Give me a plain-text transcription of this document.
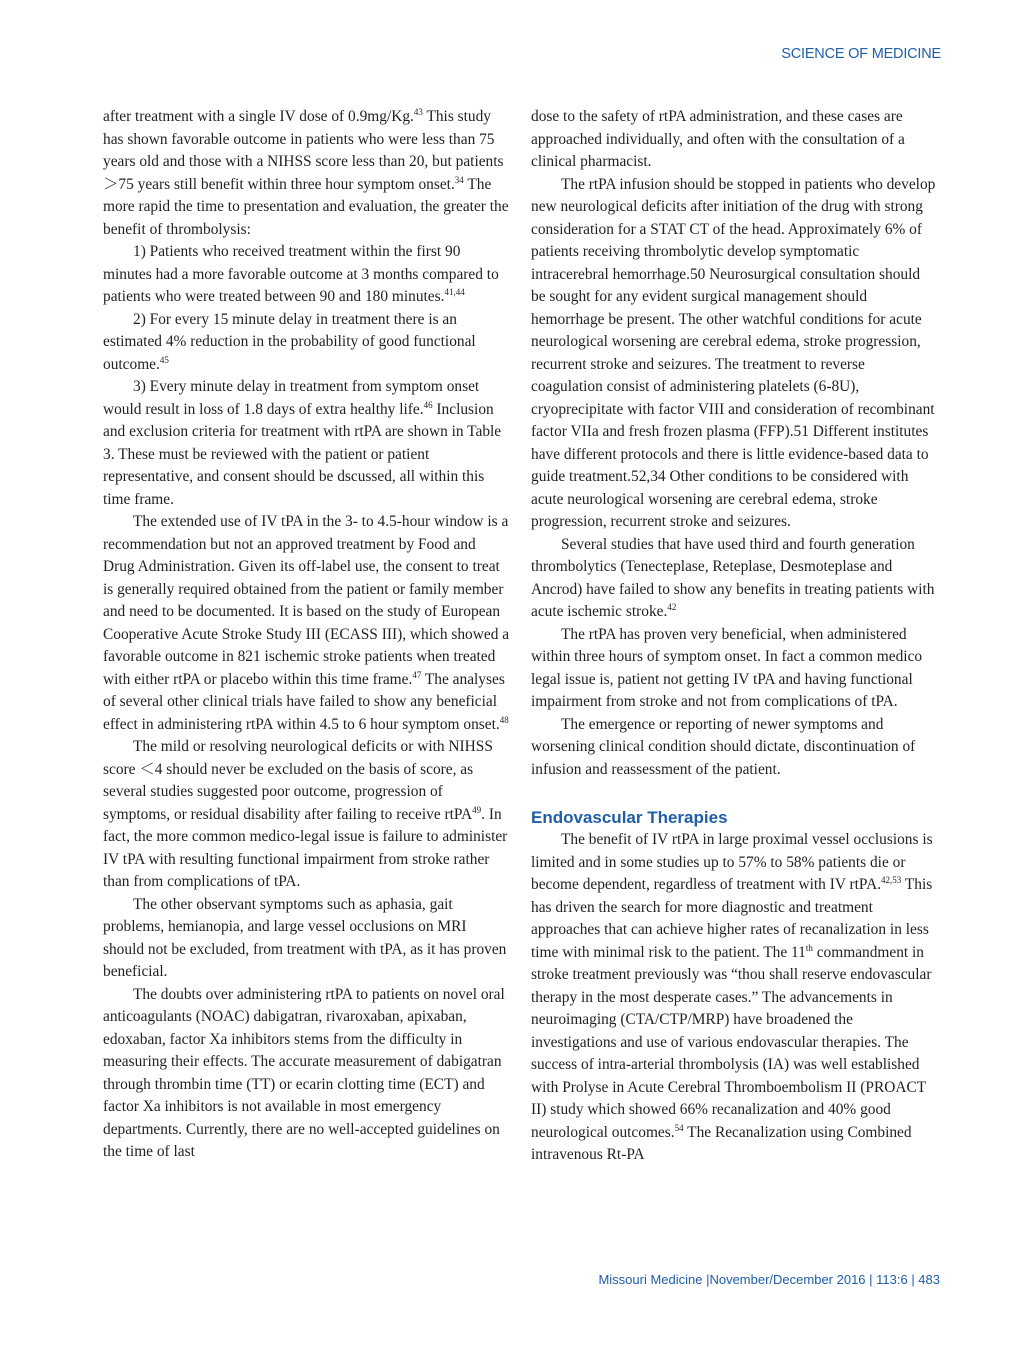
SCIENCE OF MEDICINE

after treatment with a single IV dose of 0.9mg/Kg.$^{43}$ This study has shown favorable outcome in patients who were less than 75 years old and those with a NIHSS score less than 20, but patients ＞75 years still benefit within three hour symptom onset.$^{34}$ The more rapid the time to presentation and evaluation, the greater the benefit of thrombolysis:

1) Patients who received treatment within the first 90 minutes had a more favorable outcome at 3 months compared to patients who were treated between 90 and 180 minutes.$^{41,44}$

2) For every 15 minute delay in treatment there is an estimated 4% reduction in the probability of good functional outcome.$^{45}$

3) Every minute delay in treatment from symptom onset would result in loss of 1.8 days of extra healthy life.$^{46}$ Inclusion and exclusion criteria for treatment with rtPA are shown in Table 3. These must be reviewed with the patient or patient representative, and consent should be dscussed, all within this time frame.

The extended use of IV tPA in the 3- to 4.5-hour window is a recommendation but not an approved treatment by Food and Drug Administration. Given its off-label use, the consent to treat is generally required obtained from the patient or family member and need to be documented. It is based on the study of European Cooperative Acute Stroke Study III (ECASS III), which showed a favorable outcome in 821 ischemic stroke patients when treated with either rtPA or placebo within this time frame.$^{47}$ The analyses of several other clinical trials have failed to show any beneficial effect in administering rtPA within 4.5 to 6 hour symptom onset.$^{48}$

The mild or resolving neurological deficits or with NIHSS score ＜4 should never be excluded on the basis of score, as several studies suggested poor outcome, progression of symptoms, or residual disability after failing to receive rtPA$^{49}$. In fact, the more common medico-legal issue is failure to administer IV tPA with resulting functional impairment from stroke rather than from complications of tPA.

The other observant symptoms such as aphasia, gait problems, hemianopia, and large vessel occlusions on MRI should not be excluded, from treatment with tPA, as it has proven beneficial.

The doubts over administering rtPA to patients on novel oral anticoagulants (NOAC) dabigatran, rivaroxaban, apixaban, edoxaban, factor Xa inhibitors stems from the difficulty in measuring their effects. The accurate measurement of dabigatran through thrombin time (TT) or ecarin clotting time (ECT) and factor Xa inhibitors is not available in most emergency departments. Currently, there are no well-accepted guidelines on the time of last

dose to the safety of rtPA administration, and these cases are approached individually, and often with the consultation of a clinical pharmacist.

The rtPA infusion should be stopped in patients who develop new neurological deficits after initiation of the drug with strong consideration for a STAT CT of the head. Approximately 6% of patients receiving thrombolytic develop symptomatic intracerebral hemorrhage.50 Neurosurgical consultation should be sought for any evident surgical management should hemorrhage be present. The other watchful conditions for acute neurological worsening are cerebral edema, stroke progression, recurrent stroke and seizures. The treatment to reverse coagulation consist of administering platelets (6-8U), cryoprecipitate with factor VIII and consideration of recombinant factor VIIa and fresh frozen plasma (FFP).51 Different institutes have different protocols and there is little evidence-based data to guide treatment.52,34 Other conditions to be considered with acute neurological worsening are cerebral edema, stroke progression, recurrent stroke and seizures.

Several studies that have used third and fourth generation thrombolytics (Tenecteplase, Reteplase, Desmoteplase and Ancrod) have failed to show any benefits in treating patients with acute ischemic stroke.$^{42}$

The rtPA has proven very beneficial, when administered within three hours of symptom onset. In fact a common medico legal issue is, patient not getting IV tPA and having functional impairment from stroke and not from complications of tPA.

The emergence or reporting of newer symptoms and worsening clinical condition should dictate, discontinuation of infusion and reassessment of the patient.

Endovascular Therapies

The benefit of IV rtPA in large proximal vessel occlusions is limited and in some studies up to 57% to 58% patients die or become dependent, regardless of treatment with IV rtPA.$^{42,53}$ This has driven the search for more diagnostic and treatment approaches that can achieve higher rates of recanalization in less time with minimal risk to the patient. The 11th commandment in stroke treatment previously was “thou shall reserve endovascular therapy in the most desperate cases.” The advancements in neuroimaging (CTA/CTP/MRP) have broadened the investigations and use of various endovascular therapies. The success of intra-arterial thrombolysis (IA) was well established with Prolyse in Acute Cerebral Thromboembolism II (PROACT II) study which showed 66% recanalization and 40% good neurological outcomes.$^{54}$ The Recanalization using Combined intravenous Rt-PA

Missouri Medicine |November/December 2016 | 113:6 | 483
